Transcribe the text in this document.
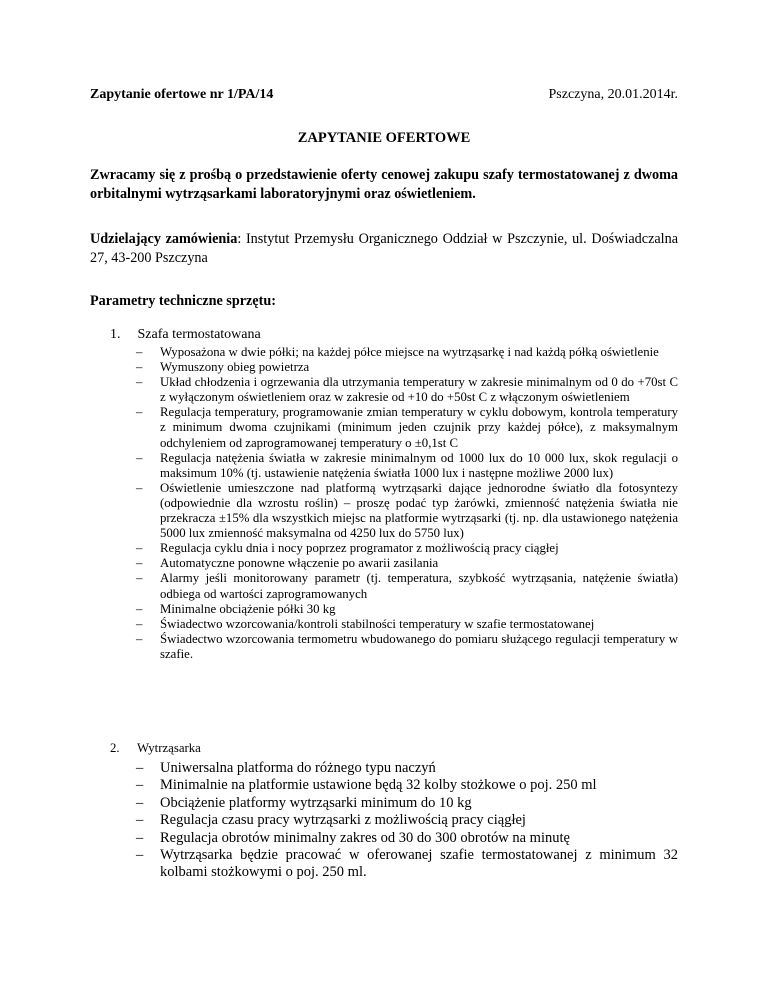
Zapytanie ofertowe nr 1/PA/14	Pszczyna, 20.01.2014r.
ZAPYTANIE OFERTOWE
Zwracamy się z prośbą o przedstawienie oferty cenowej zakupu szafy termostatowanej z dwoma orbitalnymi wytrząsarkami laboratoryjnymi oraz oświetleniem.
Udzielający zamówienia: Instytut Przemysłu Organicznego Oddział w Pszczynie, ul. Doświadczalna 27, 43-200 Pszczyna
Parametry techniczne sprzętu:
1. Szafa termostatowana
– Wyposażona w dwie półki; na każdej półce miejsce na wytrząsarkę i nad każdą półką oświetlenie
– Wymuszony obieg powietrza
– Układ chłodzenia i ogrzewania dla utrzymania temperatury w zakresie minimalnym od 0 do +70st C z wyłączonym oświetleniem oraz w zakresie od +10 do +50st C z włączonym oświetleniem
– Regulacja temperatury, programowanie zmian temperatury w cyklu dobowym, kontrola temperatury z minimum dwoma czujnikami (minimum jeden czujnik przy każdej półce), z maksymalnym odchyleniem od zaprogramowanej temperatury o ±0,1st C
– Regulacja natężenia światła w zakresie minimalnym od 1000 lux do 10 000 lux, skok regulacji o maksimum 10% (tj. ustawienie natężenia światła 1000 lux i następne możliwe 2000 lux)
– Oświetlenie umieszczone nad platformą wytrząsarki dające jednorodne światło dla fotosyntezy (odpowiednie dla wzrostu roślin) – proszę podać typ żarówki, zmienność natężenia światła nie przekracza ±15% dla wszystkich miejsc na platformie wytrząsarki (tj. np. dla ustawionego natężenia 5000 lux zmienność maksymalna od 4250 lux do 5750 lux)
– Regulacja cyklu dnia i nocy poprzez programator z możliwością pracy ciągłej
– Automatyczne ponowne włączenie po awarii zasilania
– Alarmy jeśli monitorowany parametr (tj. temperatura, szybkość wytrząsania, natężenie światła) odbiega od wartości zaprogramowanych
– Minimalne obciążenie półki 30 kg
– Świadectwo wzorcowania/kontroli stabilności temperatury w szafie termostatowanej
– Świadectwo wzorcowania termometru wbudowanego do pomiaru służącego regulacji temperatury w szafie.
2. Wytrząsarka
– Uniwersalna platforma do różnego typu naczyń
– Minimalnie na platformie ustawione będą 32 kolby stożkowe o poj. 250 ml
– Obciążenie platformy wytrząsarki minimum do 10 kg
– Regulacja czasu pracy wytrząsarki z możliwością pracy ciągłej
– Regulacja obrotów minimalny zakres od 30 do 300 obrotów na minutę
– Wytrząsarka będzie pracować w oferowanej szafie termostatowanej z minimum 32 kolbami stożkowymi o poj. 250 ml.
